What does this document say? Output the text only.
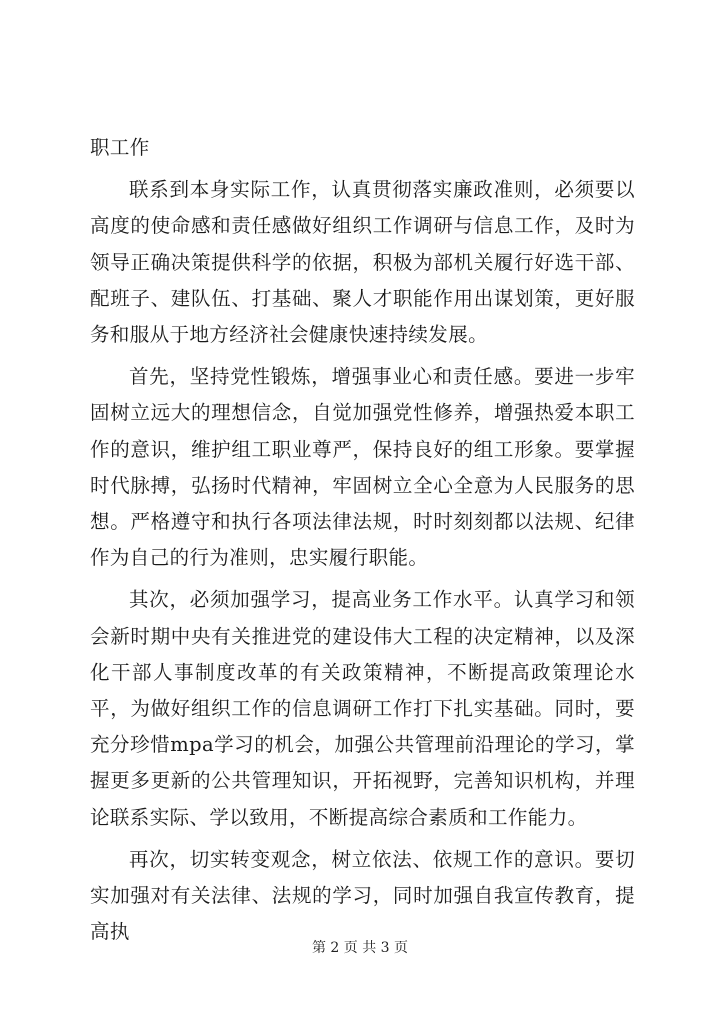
职工作

联系到本身实际工作，认真贯彻落实廉政准则，必须要以高度的使命感和责任感做好组织工作调研与信息工作，及时为领导正确决策提供科学的依据，积极为部机关履行好选干部、配班子、建队伍、打基础、聚人才职能作用出谋划策，更好服务和服从于地方经济社会健康快速持续发展。

首先，坚持党性锻炼，增强事业心和责任感。要进一步牢固树立远大的理想信念，自觉加强党性修养，增强热爱本职工作的意识，维护组工职业尊严，保持良好的组工形象。要掌握时代脉搏，弘扬时代精神，牢固树立全心全意为人民服务的思想。严格遵守和执行各项法律法规，时时刻刻都以法规、纪律作为自己的行为准则，忠实履行职能。

其次，必须加强学习，提高业务工作水平。认真学习和领会新时期中央有关推进党的建设伟大工程的决定精神，以及深化干部人事制度改革的有关政策精神，不断提高政策理论水平，为做好组织工作的信息调研工作打下扎实基础。同时，要充分珍惜mpa学习的机会，加强公共管理前沿理论的学习，掌握更多更新的公共管理知识，开拓视野，完善知识机构，并理论联系实际、学以致用，不断提高综合素质和工作能力。

再次，切实转变观念，树立依法、依规工作的意识。要切实加强对有关法律、法规的学习，同时加强自我宣传教育，提高执

第 2 页 共 3 页
